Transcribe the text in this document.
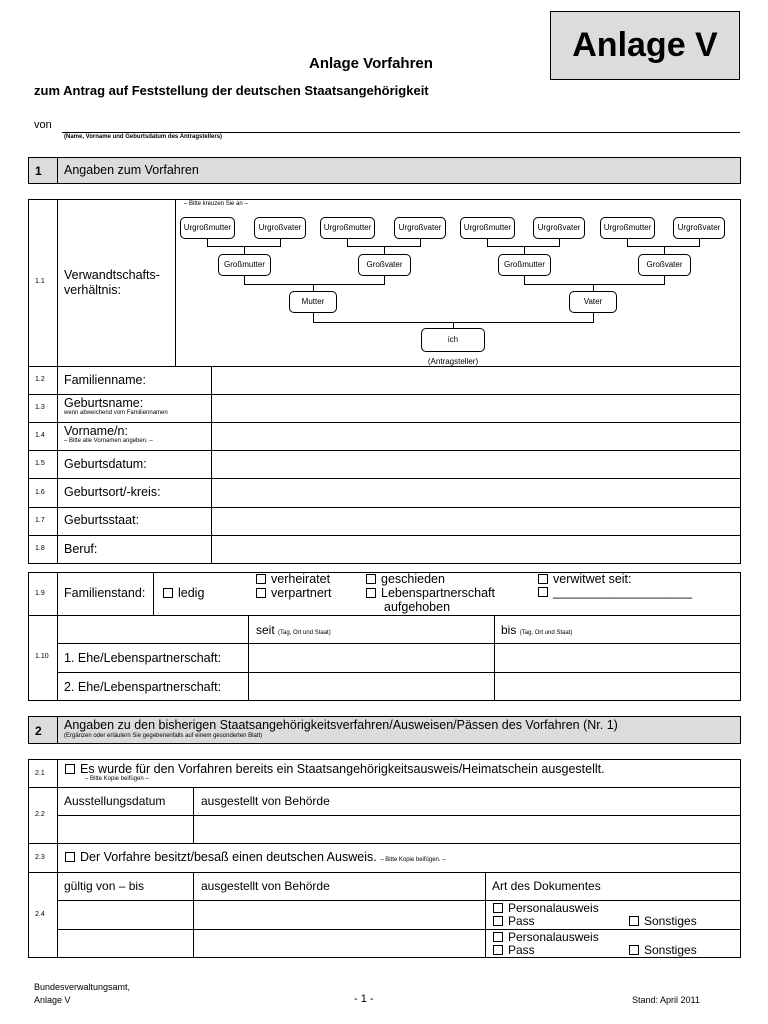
Anlage V
Anlage Vorfahren
zum Antrag auf Feststellung der deutschen Staatsangehörigkeit
von
(Name, Vorname und Geburtsdatum des Antragstellers)
1 Angaben zum Vorfahren
1.1 Verwandtschafts-
verhältnis:
– Bitte kreuzen Sie an –
Urgroßmutter	Urgroßvater	Urgroßmutter	Urgroßvater	Urgroßmutter	Urgroßvater	Urgroßmutter	Urgroßvater
Großmutter	Großvater	Großmutter	Großvater
Mutter	Vater
ich (Antragsteller)
1.2 Familienname:
1.3 Geburtsname:
wenn abweichend vom Familiennamen
1.4 Vorname/n:
– Bitte alle Vornamen angeben. –
1.5 Geburtsdatum:
1.6 Geburtsort/-kreis:
1.7 Geburtsstaat:
1.8 Beruf:
1.9 Familienstand:	ledig
verheiratet
verpartnert
geschieden
Lebenspartnerschaft
aufgehoben
verwitwet seit:
____________________
1.10
seit (Tag, Ort und Staat)	bis (Tag, Ort und Staat)
1. Ehe/Lebenspartnerschaft:
2. Ehe/Lebenspartnerschaft:
2 Angaben zu den bisherigen Staatsangehörigkeitsverfahren/Ausweisen/Pässen des Vorfahren (Nr. 1)
(Ergänzen oder erläutern Sie gegebenenfalls auf einem gesonderten Blatt)
2.1	Es wurde für den Vorfahren bereits ein Staatsangehörigkeitsausweis/Heimatschein ausgestellt.
– Bitte Kopie beifügen –
2.2
Ausstellungsdatum	ausgestellt von Behörde
2.3	Der Vorfahre besitzt/besaß einen deutschen Ausweis. – Bitte Kopie beifügen. –
2.4
gültig von – bis	ausgestellt von Behörde	Art des Dokumentes
Personalausweis
Pass	Sonstiges
Personalausweis
Pass	Sonstiges
Bundesverwaltungsamt,
Anlage V	- 1 -	Stand: April 2011
